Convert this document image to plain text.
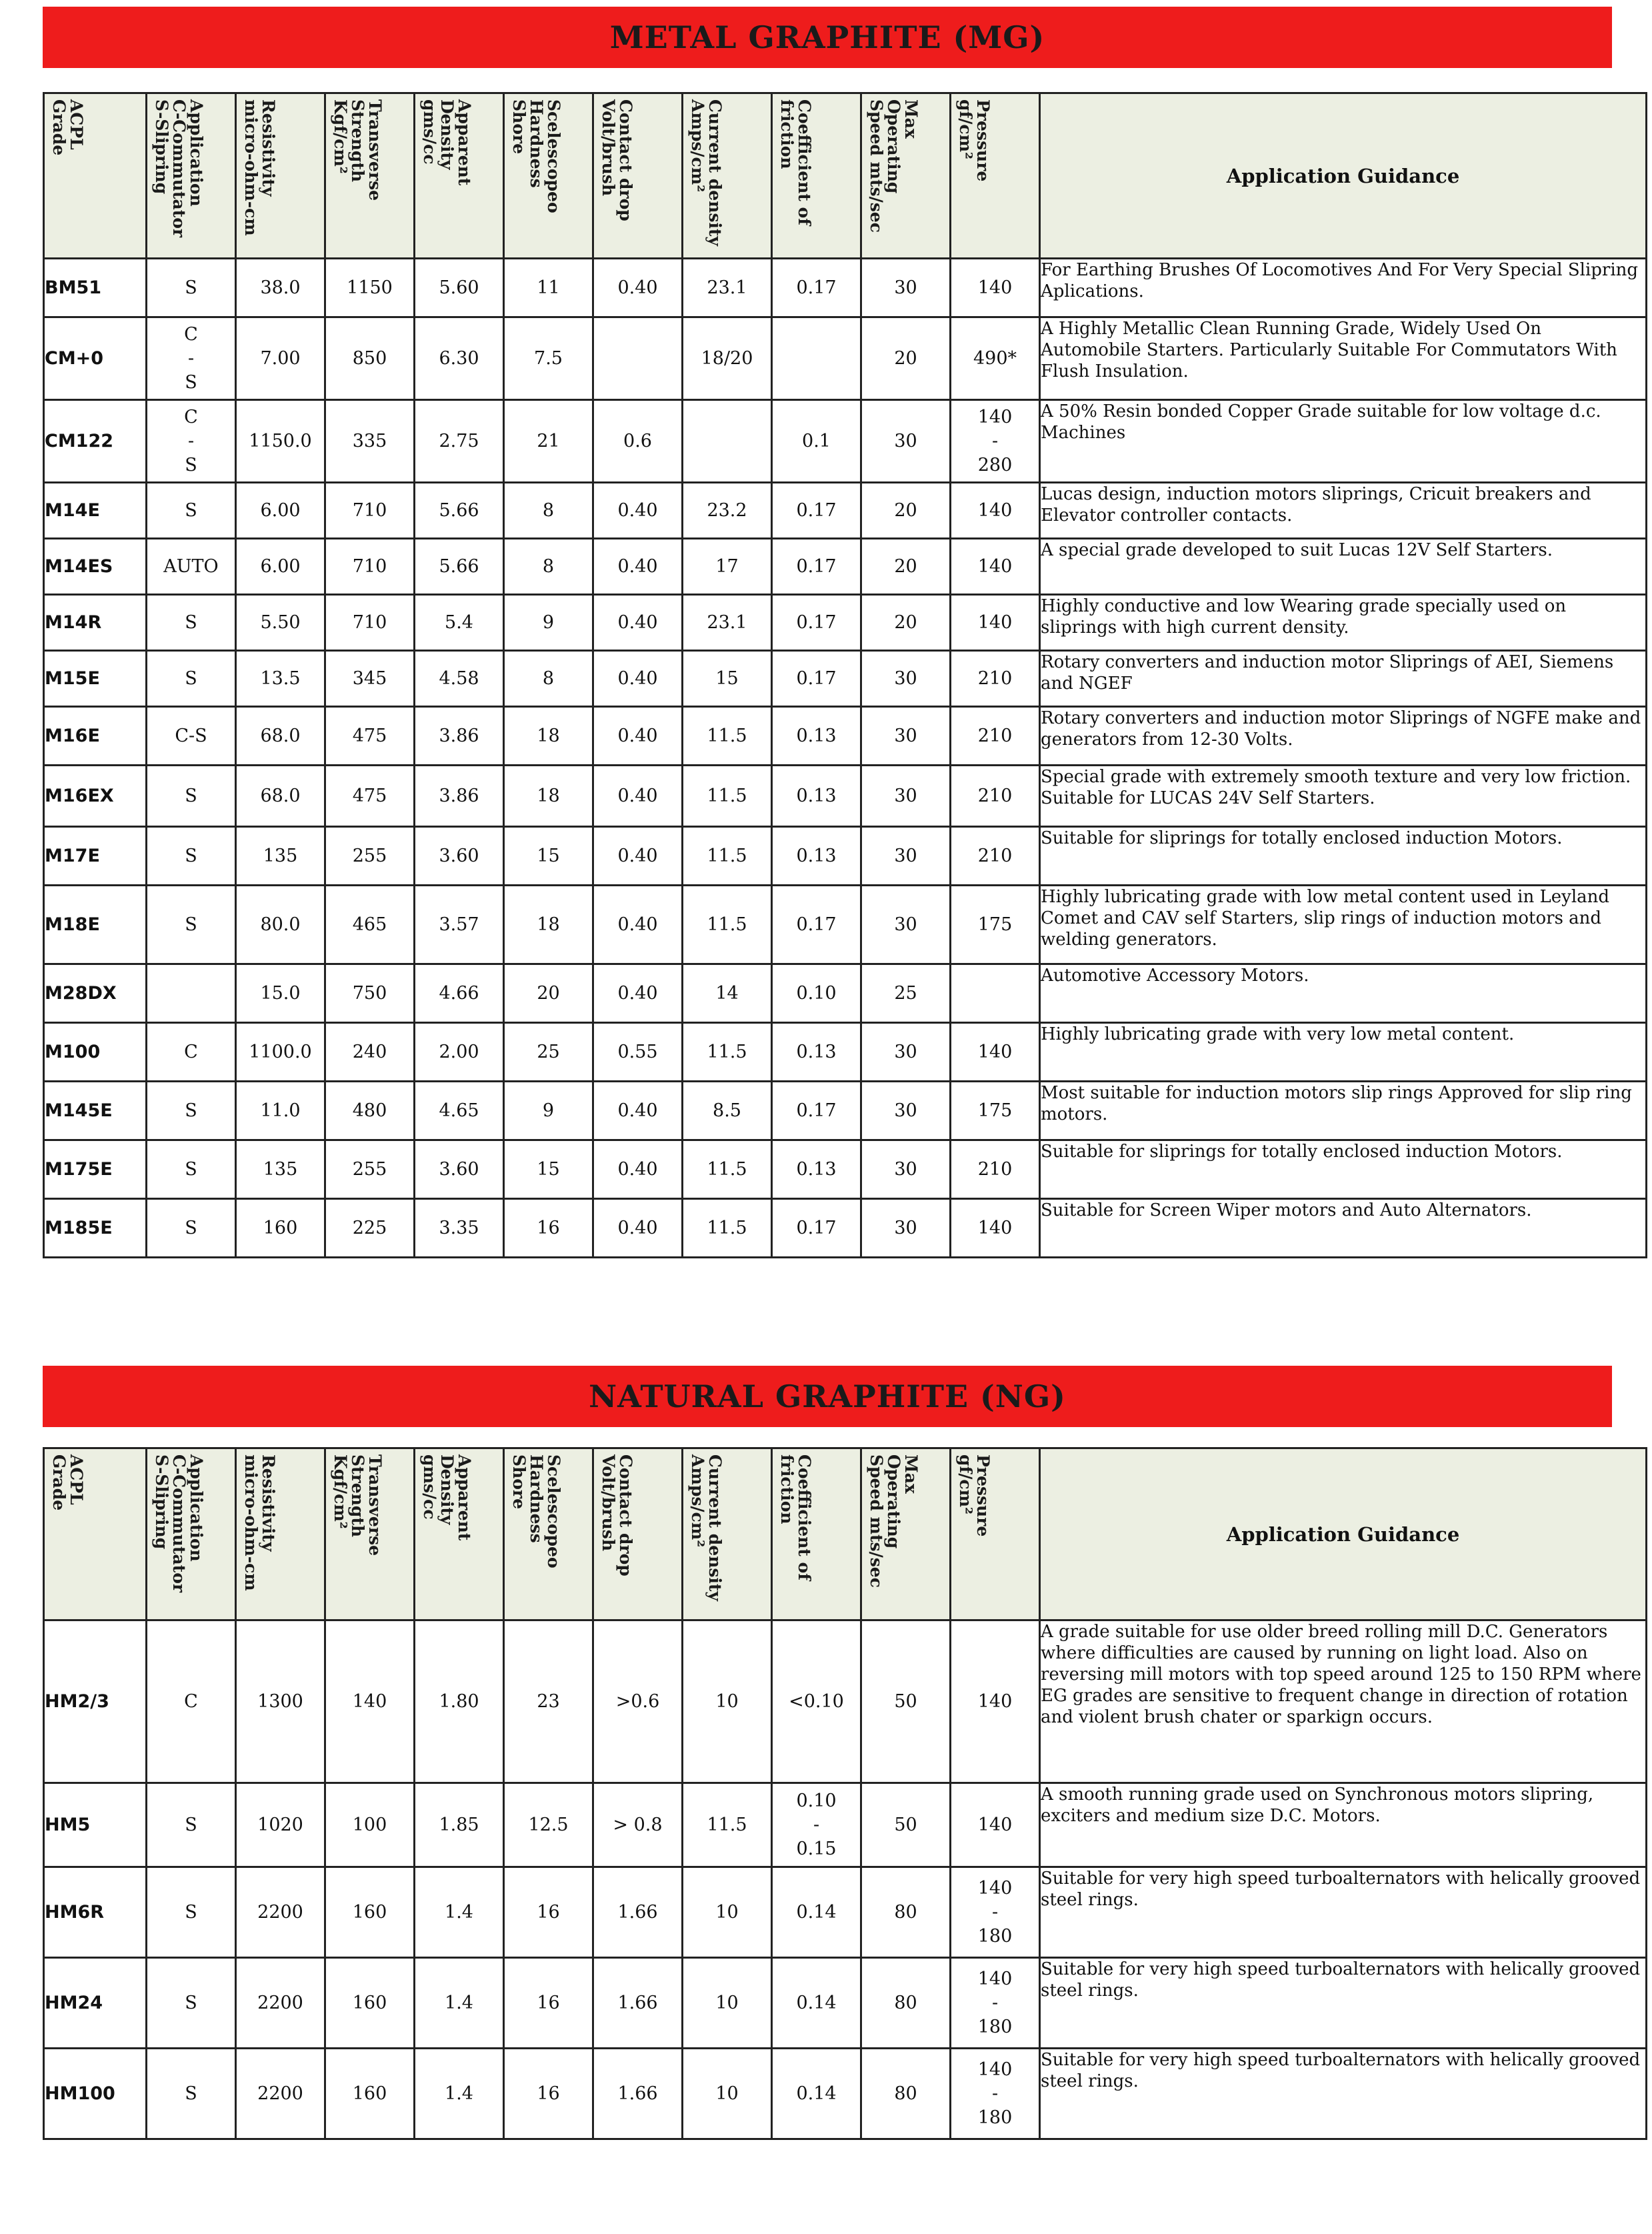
METAL GRAPHITE (MG)
ACPL
Grade	Application
C-Commutator
S-Slipring	Resistivity
micro-ohm-cm	Transverse
Strength
Kgf/cm²	Apparent
Density
gms/cc	Scelescopeo
Hardness
Shore	Contact drop
Volt/brush	Current density
Amps/cm²	Coefficient of
friction	Max
Operating
Speed mts/sec	Pressure
gf/cm²	Application Guidance
BM51	S	38.0	1150	5.60	11	0.40	23.1	0.17	30	140	For Earthing Brushes Of Locomotives And For Very Special Slipring Aplications.
CM+0	C
-
S	7.00	850	6.30	7.5		18/20		20	490*	A Highly Metallic Clean Running Grade, Widely Used On Automobile Starters. Particularly Suitable For Commutators With Flush Insulation.
CM122	C
-
S	1150.0	335	2.75	21	0.6		0.1	30	140
-
280	A 50% Resin bonded Copper Grade suitable for low voltage d.c. Machines
M14E	S	6.00	710	5.66	8	0.40	23.2	0.17	20	140	Lucas design, induction motors sliprings, Cricuit breakers and Elevator controller contacts.
M14ES	AUTO	6.00	710	5.66	8	0.40	17	0.17	20	140	A special grade developed to suit Lucas 12V Self Starters.
M14R	S	5.50	710	5.4	9	0.40	23.1	0.17	20	140	Highly conductive and low Wearing grade specially used on sliprings with high current density.
M15E	S	13.5	345	4.58	8	0.40	15	0.17	30	210	Rotary converters and induction motor Sliprings of AEI, Siemens and NGEF
M16E	C-S	68.0	475	3.86	18	0.40	11.5	0.13	30	210	Rotary converters and induction motor Sliprings of NGFE make and generators from 12-30 Volts.
M16EX	S	68.0	475	3.86	18	0.40	11.5	0.13	30	210	Special grade with extremely smooth texture and very low friction. Suitable for LUCAS 24V Self Starters.
M17E	S	135	255	3.60	15	0.40	11.5	0.13	30	210	Suitable for sliprings for totally enclosed induction Motors.
M18E	S	80.0	465	3.57	18	0.40	11.5	0.17	30	175	Highly lubricating grade with low metal content used in Leyland Comet and CAV self Starters, slip rings of induction motors and welding generators.
M28DX		15.0	750	4.66	20	0.40	14	0.10	25		Automotive Accessory Motors.
M100	C	1100.0	240	2.00	25	0.55	11.5	0.13	30	140	Highly lubricating grade with very low metal content.
M145E	S	11.0	480	4.65	9	0.40	8.5	0.17	30	175	Most suitable for induction motors slip rings Approved for slip ring motors.
M175E	S	135	255	3.60	15	0.40	11.5	0.13	30	210	Suitable for sliprings for totally enclosed induction Motors.
M185E	S	160	225	3.35	16	0.40	11.5	0.17	30	140	Suitable for Screen Wiper motors and Auto Alternators.
NATURAL GRAPHITE (NG)
ACPL
Grade	Application
C-Commutator
S-Slipring	Resistivity
micro-ohm-cm	Transverse
Strength
Kgf/cm²	Apparent
Density
gms/cc	Scelescopeo
Hardness
Shore	Contact drop
Volt/brush	Current density
Amps/cm²	Coefficient of
friction	Max
Operating
Speed mts/sec	Pressure
gf/cm²	Application Guidance
HM2/3	C	1300	140	1.80	23	>0.6	10	<0.10	50	140	A grade suitable for use older breed rolling mill D.C. Generators where difficulties are caused by running on light load. Also on reversing mill motors with top speed around 125 to 150 RPM where EG grades are sensitive to frequent change in direction of rotation and violent brush chater or sparkign occurs.
HM5	S	1020	100	1.85	12.5	> 0.8	11.5	0.10
-
0.15	50	140	A smooth running grade used on Synchronous motors slipring, exciters and medium size D.C. Motors.
HM6R	S	2200	160	1.4	16	1.66	10	0.14	80	140
-
180	Suitable for very high speed turboalternators with helically grooved steel rings.
HM24	S	2200	160	1.4	16	1.66	10	0.14	80	140
-
180	Suitable for very high speed turboalternators with helically grooved steel rings.
HM100	S	2200	160	1.4	16	1.66	10	0.14	80	140
-
180	Suitable for very high speed turboalternators with helically grooved steel rings.
